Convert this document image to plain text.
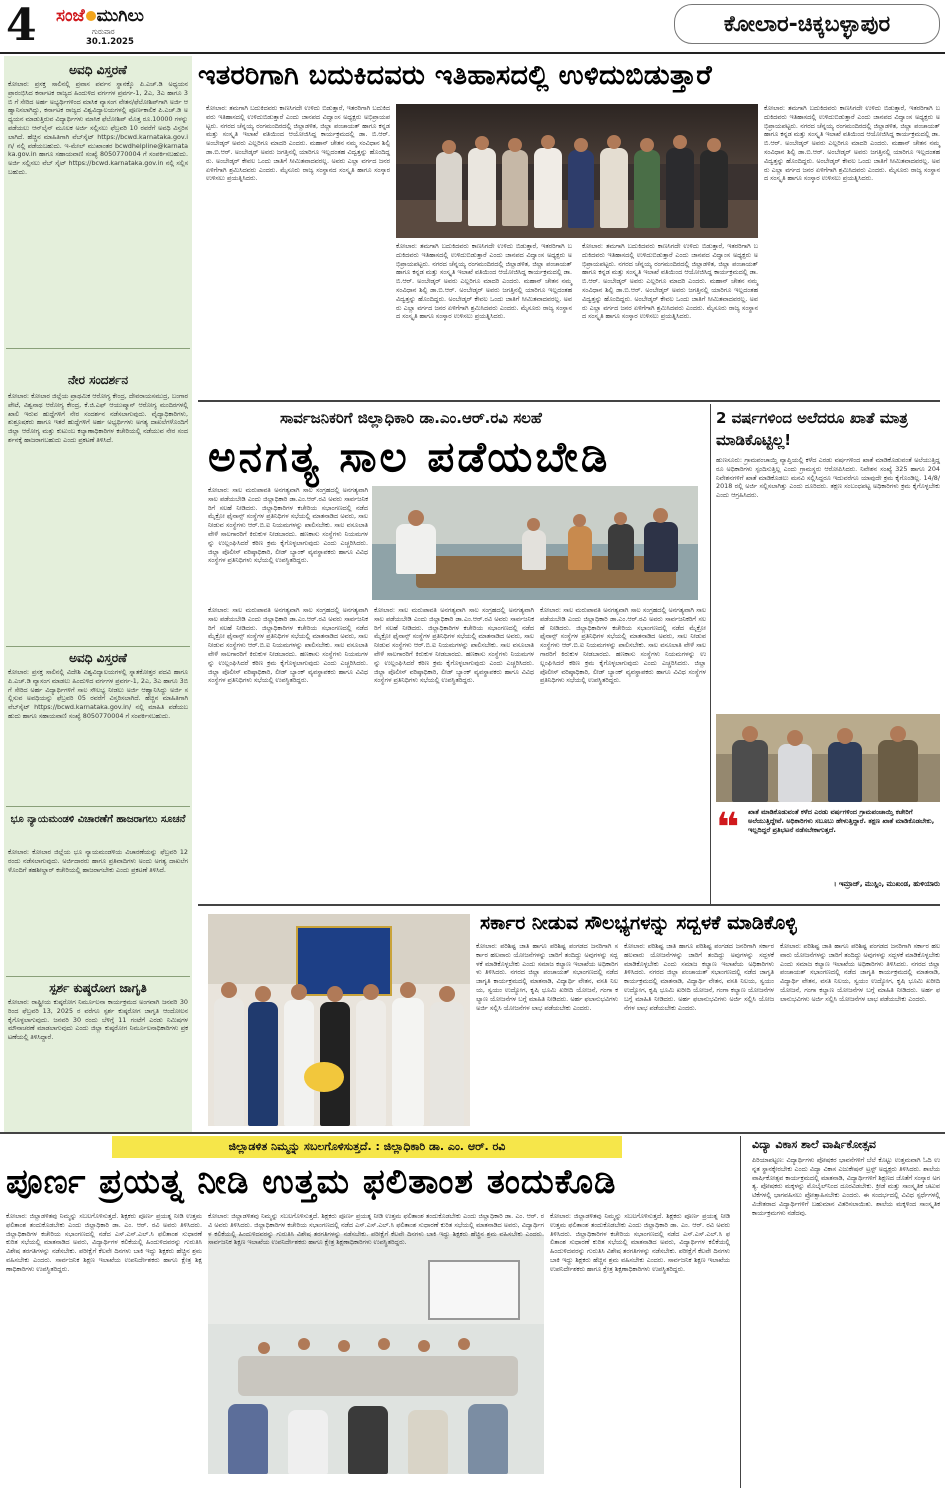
4 ಸಂಜೆ ಮುಗಿಲು
ಗುರುವಾರ
30.1.2025
ಕೋಲಾರ-ಚಿಕ್ಕಬಳ್ಳಾಪುರ
ಅವಧಿ ವಿಸ್ತರಣೆ
ಕೋಲಾರ: ಪ್ರಸಕ್ತ ಸಾಲಿನಲ್ಲಿ ಪ್ರವಾಸ ಪರ್ವನ ಸ್ಥಾನಕ್ಕೊ ಪಿ.ಎಚ್.ಡಿ ಅಧ್ಯಯನ ಪ್ರಾರಂಭಿಸಿದ ಕರ್ನಾಟಕ ರಾಜ್ಯದ ಹಿಂದುಳಿದ ವರ್ಗಗಳ ಪ್ರವರ್ಗ-1, 2ಎ, 3ಎ ಹಾಗೂ 3ಬಿ ಗೆ ಸೇರಿದ ಅರ್ಹ ಅಭ್ಯರ್ಥಿಗಳಿಂದ ಮಾಸಿಕ ವ್ಯಾಸಂಗ ವೇತನ/ಫೆಲೋಶಿಪ್‌ಗಾಗಿ ಅರ್ಜಿ ಆಹ್ವಾನಿಸಲಾಗಿದ್ದು, ಕರ್ನಾಟಕ ರಾಜ್ಯದ ವಿಶ್ವವಿದ್ಯಾಲಯಗಳಲ್ಲಿ ಪೂರ್ಣಕಾಲಿಕ ಪಿ.ಎಚ್.ಡಿ ಅಧ್ಯಯನ ಮಾಡುತ್ತಿರುವ ವಿದ್ಯಾರ್ಥಿಗಳು ಮಾಸಿಕ ಫೆಲೋಶಿಪ್ ಮೊತ್ತ ರೂ.10000 ಗಳನ್ನು ಪಡೆಯಲು ಆನ್‌ಲೈನ್ ಮೂಲಕ ಅರ್ಜಿ ಸಲ್ಲಿಸಲು ಫೆಬ್ರವರಿ 10 ರವರೆಗೆ ಅವಧಿ ವಿಸ್ತರಿಸಲಾಗಿದೆ. ಹೆಚ್ಚಿನ ಮಾಹಿತಿಗಾಗಿ ವೆಬ್‌ಸೈಟ್ https://bcwd.karnataka.gov.in/ ನಲ್ಲಿ ಪಡೆಯಬಹುದು. ಇ-ಮೇಲ್ ಮುಖಾಂತರ bcwdhelpline@karnataka.gov.in ಹಾಗೂ ಸಹಾಯವಾಣಿ ಸಂಖ್ಯೆ 8050770004 ಗೆ ಸಂಪರ್ಕಿಸಬಹುದು. ಅರ್ಜಿ ಸಲ್ಲಿಸಲು ವೆಬ್ ಸೈಟ್ https://bcwd.karnataka.gov.in ನಲ್ಲಿ ಸಲ್ಲಿಸಬಹುದು.
ನೇರ ಸಂದರ್ಶನ
ಕೋಲಾರ: ಕೋಲಾರ ಜಿಲ್ಲೆಯ ಪ್ರಾಥಮಿಕ ಆರೋಗ್ಯ ಕೇಂದ್ರ, ದೇವರಾಯಸಮುದ್ರ, ಬಂಗಾರಪೇಟೆ, ವಿಶ್ವನಾಥ ಆರೋಗ್ಯ ಕೇಂದ್ರ, ಕೆ.ಜಿ.ಎಫ್ ಆಯುಷ್ಮಾನ್ ಆರೋಗ್ಯ ಮಂದಿರಗಳಲ್ಲಿ ಖಾಲಿ ಇರುವ ಹುದ್ದೆಗಳಿಗೆ ನೇರ ಸಂದರ್ಶನ ನಡೆಸಲಾಗುವುದು. ವೈದ್ಯಾಧಿಕಾರಿಗಳು, ಶುಶ್ರೂಷಕರು ಹಾಗೂ ಇತರೆ ಹುದ್ದೆಗಳಿಗೆ ಅರ್ಹ ಅಭ್ಯರ್ಥಿಗಳು ಅಗತ್ಯ ದಾಖಲೆಗಳೊಂದಿಗೆ ಜಿಲ್ಲಾ ಆರೋಗ್ಯ ಮತ್ತು ಕುಟುಂಬ ಕಲ್ಯಾಣಾಧಿಕಾರಿಗಳ ಕಚೇರಿಯಲ್ಲಿ ನಡೆಯುವ ನೇರ ಸಂದರ್ಶನಕ್ಕೆ ಹಾಜರಾಗಬಹುದು ಎಂದು ಪ್ರಕಟಣೆ ತಿಳಿಸಿದೆ.
ಅವಧಿ ವಿಸ್ತರಣೆ
ಕೋಲಾರ: ಪ್ರಸಕ್ತ ಸಾಲಿನಲ್ಲಿ ವಿದೇಶಿ ವಿಶ್ವವಿದ್ಯಾಲಯಗಳಲ್ಲಿ ಸ್ನಾತಕೋತ್ತರ ಪದವಿ ಹಾಗೂ ಪಿ.ಎಚ್.ಡಿ ವ್ಯಾಸಂಗ ಮಾಡಲು ಹಿಂದುಳಿದ ವರ್ಗಗಳ ಪ್ರವರ್ಗ-1, 2ಎ, 3ಎ ಹಾಗೂ 3ಬಿ ಗೆ ಸೇರಿದ ಅರ್ಹ ವಿದ್ಯಾರ್ಥಿಗಳಿಗೆ ಸಾಲ ಸೌಲಭ್ಯ ನೀಡಲು ಅರ್ಜಿ ಆಹ್ವಾನಿಸಿದ್ದು ಅರ್ಜಿ ಸಲ್ಲಿಸುವ ಅವಧಿಯನ್ನು ಫೆಬ್ರವರಿ 05 ರವರೆಗೆ ವಿಸ್ತರಿಸಲಾಗಿದೆ. ಹೆಚ್ಚಿನ ಮಾಹಿತಿಗಾಗಿ ವೆಬ್‌ಸೈಟ್ https://bcwd.karnataka.gov.in/ ನಲ್ಲಿ ಮಾಹಿತಿ ಪಡೆಯಬಹುದು ಹಾಗೂ ಸಹಾಯವಾಣಿ ಸಂಖ್ಯೆ 8050770004 ಗೆ ಸಂಪರ್ಕಿಸಬಹುದು.
ಭೂ ನ್ಯಾಯಮಂಡಳಿ ವಿಚಾರಣೆಗೆ ಹಾಜರಾಗಲು ಸೂಚನೆ
ಕೋಲಾರ: ಕೋಲಾರ ಜಿಲ್ಲೆಯ ಭೂ ನ್ಯಾಯಮಂಡಳಿಯ ವಿಚಾರಣೆಯನ್ನು ಫೆಬ್ರವರಿ 12 ರಂದು ನಡೆಸಲಾಗುವುದು. ಅರ್ಜಿದಾರರು ಹಾಗೂ ಪ್ರತಿವಾದಿಗಳು ಅಂದು ಅಗತ್ಯ ದಾಖಲೆಗಳೊಂದಿಗೆ ತಹಶೀಲ್ದಾರ್ ಕಚೇರಿಯಲ್ಲಿ ಹಾಜರಾಗಬೇಕು ಎಂದು ಪ್ರಕಟಣೆ ತಿಳಿಸಿದೆ.
ಸ್ಪರ್ಶ ಕುಷ್ಠರೋಗ ಜಾಗೃತಿ
ಕೋಲಾರ: ರಾಷ್ಟ್ರೀಯ ಕುಷ್ಠರೋಗ ನಿರ್ಮೂಲನಾ ಕಾರ್ಯಕ್ರಮದ ಅಂಗವಾಗಿ ಜನವರಿ 30 ರಿಂದ ಫೆಬ್ರವರಿ 13, 2025 ರ ವರೆಗೂ ಸ್ಪರ್ಶ ಕುಷ್ಠರೋಗ ಜಾಗೃತಿ ಆಂದೋಲನ ಕೈಗೊಳ್ಳಲಾಗುವುದು. ಜನವರಿ 30 ರಂದು ಬೆಳಿಗ್ಗೆ 11 ಗಂಟೆಗೆ ಎರಡು ನಿಮಿಷಗಳ ಮೌನಾಚರಣೆ ಮಾಡಲಾಗುವುದು ಎಂದು ಜಿಲ್ಲಾ ಕುಷ್ಠರೋಗ ನಿರ್ಮೂಲನಾಧಿಕಾರಿಗಳು ಪ್ರಕಟಣೆಯಲ್ಲಿ ತಿಳಿಸಿದ್ದಾರೆ.
ಇತರರಿಗಾಗಿ ಬದುಕಿದವರು ಇತಿಹಾಸದಲ್ಲಿ ಉಳಿದುಬಿಡುತ್ತಾರೆ
ಕೋಲಾರ: ತಮಗಾಗಿ ಬದುಕಿದವರು ಕಾಣಸಿಗದೇ ಉಳಿದು ಬಿಡುತ್ತಾರೆ, ಇತರರಿಗಾಗಿ ಬದುಕಿದವರು ಇತಿಹಾಸದಲ್ಲಿ ಉಳಿದುಬಿಡುತ್ತಾರೆ ಎಂದು ಜಾನಪದ ವಿದ್ವಾಂಸ ಅಧ್ಯಕ್ಷರು ಅಭಿಪ್ರಾಯಪಟ್ಟರು. ನಗರದ ಚೆನ್ನಯ್ಯ ರಂಗಮಂದಿರದಲ್ಲಿ ಜಿಲ್ಲಾಡಳಿತ, ಜಿಲ್ಲಾ ಪಂಚಾಯತ್ ಹಾಗೂ ಕನ್ನಡ ಮತ್ತು ಸಂಸ್ಕೃತಿ ಇಲಾಖೆ ವತಿಯಿಂದ ಆಯೋಜಿಸಿದ್ದ ಕಾರ್ಯಕ್ರಮದಲ್ಲಿ ಡಾ. ಬಿ.ಆರ್. ಅಂಬೇಡ್ಕರ್ ಅವರು ಎಲ್ಲರಿಗೂ ಮಾದರಿ ಎಂದರು. ಮಹಾನ್ ಚೇತನ ನಮ್ಮ ಸಂವಿಧಾನ ಶಿಲ್ಪಿ ಡಾ.ಬಿ.ಆರ್. ಅಂಬೇಡ್ಕರ್ ಅವರು ಜಗತ್ತಿನಲ್ಲಿ ಯಾರಿಗೂ ಇಲ್ಲದಂತಹ ವಿದ್ವತ್ತನ್ನು ಹೊಂದಿದ್ದರು. ಅಂಬೇಡ್ಕರ್ ಕೇವಲ ಒಂದು ಜಾತಿಗೆ ಸೀಮಿತವಾದವರಲ್ಲ. ಅವರು ಎಲ್ಲಾ ವರ್ಗದ ಜನರ ಏಳಿಗೆಗಾಗಿ ಶ್ರಮಿಸಿದವರು ಎಂದರು. ಮೈಸೂರು ರಾಜ್ಯ ಸಂಸ್ಥಾನದ ಸಂಸ್ಕೃತಿ ಹಾಗೂ ಸಂಸ್ಕಾರ ಉಳಿಸಲು ಪ್ರಯತ್ನಿಸಿದರು.
ಕೋಲಾರ: ತಮಗಾಗಿ ಬದುಕಿದವರು ಕಾಣಸಿಗದೇ ಉಳಿದು ಬಿಡುತ್ತಾರೆ, ಇತರರಿಗಾಗಿ ಬದುಕಿದವರು ಇತಿಹಾಸದಲ್ಲಿ ಉಳಿದುಬಿಡುತ್ತಾರೆ ಎಂದು ಜಾನಪದ ವಿದ್ವಾಂಸ ಅಧ್ಯಕ್ಷರು ಅಭಿಪ್ರಾಯಪಟ್ಟರು. ನಗರದ ಚೆನ್ನಯ್ಯ ರಂಗಮಂದಿರದಲ್ಲಿ ಜಿಲ್ಲಾಡಳಿತ, ಜಿಲ್ಲಾ ಪಂಚಾಯತ್ ಹಾಗೂ ಕನ್ನಡ ಮತ್ತು ಸಂಸ್ಕೃತಿ ಇಲಾಖೆ ವತಿಯಿಂದ ಆಯೋಜಿಸಿದ್ದ ಕಾರ್ಯಕ್ರಮದಲ್ಲಿ ಡಾ. ಬಿ.ಆರ್. ಅಂಬೇಡ್ಕರ್ ಅವರು ಎಲ್ಲರಿಗೂ ಮಾದರಿ ಎಂದರು. ಮಹಾನ್ ಚೇತನ ನಮ್ಮ ಸಂವಿಧಾನ ಶಿಲ್ಪಿ ಡಾ.ಬಿ.ಆರ್. ಅಂಬೇಡ್ಕರ್ ಅವರು ಜಗತ್ತಿನಲ್ಲಿ ಯಾರಿಗೂ ಇಲ್ಲದಂತಹ ವಿದ್ವತ್ತನ್ನು ಹೊಂದಿದ್ದರು. ಅಂಬೇಡ್ಕರ್ ಕೇವಲ ಒಂದು ಜಾತಿಗೆ ಸೀಮಿತವಾದವರಲ್ಲ. ಅವರು ಎಲ್ಲಾ ವರ್ಗದ ಜನರ ಏಳಿಗೆಗಾಗಿ ಶ್ರಮಿಸಿದವರು ಎಂದರು. ಮೈಸೂರು ರಾಜ್ಯ ಸಂಸ್ಥಾನದ ಸಂಸ್ಕೃತಿ ಹಾಗೂ ಸಂಸ್ಕಾರ ಉಳಿಸಲು ಪ್ರಯತ್ನಿಸಿದರು.
ಕೋಲಾರ: ತಮಗಾಗಿ ಬದುಕಿದವರು ಕಾಣಸಿಗದೇ ಉಳಿದು ಬಿಡುತ್ತಾರೆ, ಇತರರಿಗಾಗಿ ಬದುಕಿದವರು ಇತಿಹಾಸದಲ್ಲಿ ಉಳಿದುಬಿಡುತ್ತಾರೆ ಎಂದು ಜಾನಪದ ವಿದ್ವಾಂಸ ಅಧ್ಯಕ್ಷರು ಅಭಿಪ್ರಾಯಪಟ್ಟರು. ನಗರದ ಚೆನ್ನಯ್ಯ ರಂಗಮಂದಿರದಲ್ಲಿ ಜಿಲ್ಲಾಡಳಿತ, ಜಿಲ್ಲಾ ಪಂಚಾಯತ್ ಹಾಗೂ ಕನ್ನಡ ಮತ್ತು ಸಂಸ್ಕೃತಿ ಇಲಾಖೆ ವತಿಯಿಂದ ಆಯೋಜಿಸಿದ್ದ ಕಾರ್ಯಕ್ರಮದಲ್ಲಿ ಡಾ. ಬಿ.ಆರ್. ಅಂಬೇಡ್ಕರ್ ಅವರು ಎಲ್ಲರಿಗೂ ಮಾದರಿ ಎಂದರು. ಮಹಾನ್ ಚೇತನ ನಮ್ಮ ಸಂವಿಧಾನ ಶಿಲ್ಪಿ ಡಾ.ಬಿ.ಆರ್. ಅಂಬೇಡ್ಕರ್ ಅವರು ಜಗತ್ತಿನಲ್ಲಿ ಯಾರಿಗೂ ಇಲ್ಲದಂತಹ ವಿದ್ವತ್ತನ್ನು ಹೊಂದಿದ್ದರು. ಅಂಬೇಡ್ಕರ್ ಕೇವಲ ಒಂದು ಜಾತಿಗೆ ಸೀಮಿತವಾದವರಲ್ಲ. ಅವರು ಎಲ್ಲಾ ವರ್ಗದ ಜನರ ಏಳಿಗೆಗಾಗಿ ಶ್ರಮಿಸಿದವರು ಎಂದರು. ಮೈಸೂರು ರಾಜ್ಯ ಸಂಸ್ಥಾನದ ಸಂಸ್ಕೃತಿ ಹಾಗೂ ಸಂಸ್ಕಾರ ಉಳಿಸಲು ಪ್ರಯತ್ನಿಸಿದರು.
ಕೋಲಾರ: ತಮಗಾಗಿ ಬದುಕಿದವರು ಕಾಣಸಿಗದೇ ಉಳಿದು ಬಿಡುತ್ತಾರೆ, ಇತರರಿಗಾಗಿ ಬದುಕಿದವರು ಇತಿಹಾಸದಲ್ಲಿ ಉಳಿದುಬಿಡುತ್ತಾರೆ ಎಂದು ಜಾನಪದ ವಿದ್ವಾಂಸ ಅಧ್ಯಕ್ಷರು ಅಭಿಪ್ರಾಯಪಟ್ಟರು. ನಗರದ ಚೆನ್ನಯ್ಯ ರಂಗಮಂದಿರದಲ್ಲಿ ಜಿಲ್ಲಾಡಳಿತ, ಜಿಲ್ಲಾ ಪಂಚಾಯತ್ ಹಾಗೂ ಕನ್ನಡ ಮತ್ತು ಸಂಸ್ಕೃತಿ ಇಲಾಖೆ ವತಿಯಿಂದ ಆಯೋಜಿಸಿದ್ದ ಕಾರ್ಯಕ್ರಮದಲ್ಲಿ ಡಾ. ಬಿ.ಆರ್. ಅಂಬೇಡ್ಕರ್ ಅವರು ಎಲ್ಲರಿಗೂ ಮಾದರಿ ಎಂದರು. ಮಹಾನ್ ಚೇತನ ನಮ್ಮ ಸಂವಿಧಾನ ಶಿಲ್ಪಿ ಡಾ.ಬಿ.ಆರ್. ಅಂಬೇಡ್ಕರ್ ಅವರು ಜಗತ್ತಿನಲ್ಲಿ ಯಾರಿಗೂ ಇಲ್ಲದಂತಹ ವಿದ್ವತ್ತನ್ನು ಹೊಂದಿದ್ದರು. ಅಂಬೇಡ್ಕರ್ ಕೇವಲ ಒಂದು ಜಾತಿಗೆ ಸೀಮಿತವಾದವರಲ್ಲ. ಅವರು ಎಲ್ಲಾ ವರ್ಗದ ಜನರ ಏಳಿಗೆಗಾಗಿ ಶ್ರಮಿಸಿದವರು ಎಂದರು. ಮೈಸೂರು ರಾಜ್ಯ ಸಂಸ್ಥಾನದ ಸಂಸ್ಕೃತಿ ಹಾಗೂ ಸಂಸ್ಕಾರ ಉಳಿಸಲು ಪ್ರಯತ್ನಿಸಿದರು.
ಸಾರ್ವಜನಿಕರಿಗೆ ಜಿಲ್ಲಾಧಿಕಾರಿ ಡಾ.ಎಂ.ಆರ್.ರವಿ ಸಲಹೆ
ಅನಗತ್ಯ ಸಾಲ ಪಡೆಯಬೇಡಿ
ಕೋಲಾರ: ಸಾಲ ಮರುಪಾವತಿ ಅನಗತ್ಯವಾಗಿ ಸಾಲ ಸಂಗ್ರಹದಲ್ಲಿ ಅನಗತ್ಯವಾಗಿ ಸಾಲ ಪಡೆಯಬೇಡಿ ಎಂದು ಜಿಲ್ಲಾಧಿಕಾರಿ ಡಾ.ಎಂ.ಆರ್.ರವಿ ಅವರು ಸಾರ್ವಜನಿಕರಿಗೆ ಸಲಹೆ ನೀಡಿದರು. ಜಿಲ್ಲಾಧಿಕಾರಿಗಳ ಕಚೇರಿಯ ಸಭಾಂಗಣದಲ್ಲಿ ನಡೆದ ಮೈಕ್ರೋ ಫೈನಾನ್ಸ್ ಸಂಸ್ಥೆಗಳ ಪ್ರತಿನಿಧಿಗಳ ಸಭೆಯಲ್ಲಿ ಮಾತನಾಡಿದ ಅವರು, ಸಾಲ ನೀಡುವ ಸಂಸ್ಥೆಗಳು ಆರ್.ಬಿ.ಐ ನಿಯಮಗಳನ್ನು ಪಾಲಿಸಬೇಕು. ಸಾಲ ವಸೂಲಾತಿ ವೇಳೆ ಸಾಲಗಾರರಿಗೆ ಕಿರುಕುಳ ನೀಡಬಾರದು. ಹಣಕಾಸು ಸಂಸ್ಥೆಗಳು ನಿಯಮಗಳನ್ನು ಉಲ್ಲಂಘಿಸಿದರೆ ಕಠಿಣ ಕ್ರಮ ಕೈಗೊಳ್ಳಲಾಗುವುದು ಎಂದು ಎಚ್ಚರಿಸಿದರು. ಜಿಲ್ಲಾ ಪೊಲೀಸ್ ವರಿಷ್ಠಾಧಿಕಾರಿ, ಲೀಡ್ ಬ್ಯಾಂಕ್ ವ್ಯವಸ್ಥಾಪಕರು ಹಾಗೂ ವಿವಿಧ ಸಂಸ್ಥೆಗಳ ಪ್ರತಿನಿಧಿಗಳು ಸಭೆಯಲ್ಲಿ ಉಪಸ್ಥಿತರಿದ್ದರು.
ಕೋಲಾರ: ಸಾಲ ಮರುಪಾವತಿ ಅನಗತ್ಯವಾಗಿ ಸಾಲ ಸಂಗ್ರಹದಲ್ಲಿ ಅನಗತ್ಯವಾಗಿ ಸಾಲ ಪಡೆಯಬೇಡಿ ಎಂದು ಜಿಲ್ಲಾಧಿಕಾರಿ ಡಾ.ಎಂ.ಆರ್.ರವಿ ಅವರು ಸಾರ್ವಜನಿಕರಿಗೆ ಸಲಹೆ ನೀಡಿದರು. ಜಿಲ್ಲಾಧಿಕಾರಿಗಳ ಕಚೇರಿಯ ಸಭಾಂಗಣದಲ್ಲಿ ನಡೆದ ಮೈಕ್ರೋ ಫೈನಾನ್ಸ್ ಸಂಸ್ಥೆಗಳ ಪ್ರತಿನಿಧಿಗಳ ಸಭೆಯಲ್ಲಿ ಮಾತನಾಡಿದ ಅವರು, ಸಾಲ ನೀಡುವ ಸಂಸ್ಥೆಗಳು ಆರ್.ಬಿ.ಐ ನಿಯಮಗಳನ್ನು ಪಾಲಿಸಬೇಕು. ಸಾಲ ವಸೂಲಾತಿ ವೇಳೆ ಸಾಲಗಾರರಿಗೆ ಕಿರುಕುಳ ನೀಡಬಾರದು. ಹಣಕಾಸು ಸಂಸ್ಥೆಗಳು ನಿಯಮಗಳನ್ನು ಉಲ್ಲಂಘಿಸಿದರೆ ಕಠಿಣ ಕ್ರಮ ಕೈಗೊಳ್ಳಲಾಗುವುದು ಎಂದು ಎಚ್ಚರಿಸಿದರು. ಜಿಲ್ಲಾ ಪೊಲೀಸ್ ವರಿಷ್ಠಾಧಿಕಾರಿ, ಲೀಡ್ ಬ್ಯಾಂಕ್ ವ್ಯವಸ್ಥಾಪಕರು ಹಾಗೂ ವಿವಿಧ ಸಂಸ್ಥೆಗಳ ಪ್ರತಿನಿಧಿಗಳು ಸಭೆಯಲ್ಲಿ ಉಪಸ್ಥಿತರಿದ್ದರು.
ಕೋಲಾರ: ಸಾಲ ಮರುಪಾವತಿ ಅನಗತ್ಯವಾಗಿ ಸಾಲ ಸಂಗ್ರಹದಲ್ಲಿ ಅನಗತ್ಯವಾಗಿ ಸಾಲ ಪಡೆಯಬೇಡಿ ಎಂದು ಜಿಲ್ಲಾಧಿಕಾರಿ ಡಾ.ಎಂ.ಆರ್.ರವಿ ಅವರು ಸಾರ್ವಜನಿಕರಿಗೆ ಸಲಹೆ ನೀಡಿದರು. ಜಿಲ್ಲಾಧಿಕಾರಿಗಳ ಕಚೇರಿಯ ಸಭಾಂಗಣದಲ್ಲಿ ನಡೆದ ಮೈಕ್ರೋ ಫೈನಾನ್ಸ್ ಸಂಸ್ಥೆಗಳ ಪ್ರತಿನಿಧಿಗಳ ಸಭೆಯಲ್ಲಿ ಮಾತನಾಡಿದ ಅವರು, ಸಾಲ ನೀಡುವ ಸಂಸ್ಥೆಗಳು ಆರ್.ಬಿ.ಐ ನಿಯಮಗಳನ್ನು ಪಾಲಿಸಬೇಕು. ಸಾಲ ವಸೂಲಾತಿ ವೇಳೆ ಸಾಲಗಾರರಿಗೆ ಕಿರುಕುಳ ನೀಡಬಾರದು. ಹಣಕಾಸು ಸಂಸ್ಥೆಗಳು ನಿಯಮಗಳನ್ನು ಉಲ್ಲಂಘಿಸಿದರೆ ಕಠಿಣ ಕ್ರಮ ಕೈಗೊಳ್ಳಲಾಗುವುದು ಎಂದು ಎಚ್ಚರಿಸಿದರು. ಜಿಲ್ಲಾ ಪೊಲೀಸ್ ವರಿಷ್ಠಾಧಿಕಾರಿ, ಲೀಡ್ ಬ್ಯಾಂಕ್ ವ್ಯವಸ್ಥಾಪಕರು ಹಾಗೂ ವಿವಿಧ ಸಂಸ್ಥೆಗಳ ಪ್ರತಿನಿಧಿಗಳು ಸಭೆಯಲ್ಲಿ ಉಪಸ್ಥಿತರಿದ್ದರು.
ಕೋಲಾರ: ಸಾಲ ಮರುಪಾವತಿ ಅನಗತ್ಯವಾಗಿ ಸಾಲ ಸಂಗ್ರಹದಲ್ಲಿ ಅನಗತ್ಯವಾಗಿ ಸಾಲ ಪಡೆಯಬೇಡಿ ಎಂದು ಜಿಲ್ಲಾಧಿಕಾರಿ ಡಾ.ಎಂ.ಆರ್.ರವಿ ಅವರು ಸಾರ್ವಜನಿಕರಿಗೆ ಸಲಹೆ ನೀಡಿದರು. ಜಿಲ್ಲಾಧಿಕಾರಿಗಳ ಕಚೇರಿಯ ಸಭಾಂಗಣದಲ್ಲಿ ನಡೆದ ಮೈಕ್ರೋ ಫೈನಾನ್ಸ್ ಸಂಸ್ಥೆಗಳ ಪ್ರತಿನಿಧಿಗಳ ಸಭೆಯಲ್ಲಿ ಮಾತನಾಡಿದ ಅವರು, ಸಾಲ ನೀಡುವ ಸಂಸ್ಥೆಗಳು ಆರ್.ಬಿ.ಐ ನಿಯಮಗಳನ್ನು ಪಾಲಿಸಬೇಕು. ಸಾಲ ವಸೂಲಾತಿ ವೇಳೆ ಸಾಲಗಾರರಿಗೆ ಕಿರುಕುಳ ನೀಡಬಾರದು. ಹಣಕಾಸು ಸಂಸ್ಥೆಗಳು ನಿಯಮಗಳನ್ನು ಉಲ್ಲಂಘಿಸಿದರೆ ಕಠಿಣ ಕ್ರಮ ಕೈಗೊಳ್ಳಲಾಗುವುದು ಎಂದು ಎಚ್ಚರಿಸಿದರು. ಜಿಲ್ಲಾ ಪೊಲೀಸ್ ವರಿಷ್ಠಾಧಿಕಾರಿ, ಲೀಡ್ ಬ್ಯಾಂಕ್ ವ್ಯವಸ್ಥಾಪಕರು ಹಾಗೂ ವಿವಿಧ ಸಂಸ್ಥೆಗಳ ಪ್ರತಿನಿಧಿಗಳು ಸಭೆಯಲ್ಲಿ ಉಪಸ್ಥಿತರಿದ್ದರು.
2 ವರ್ಷಗಳಿಂದ ಅಲೆದರೂ ಖಾತೆ ಮಾತ್ರ ಮಾಡಿಕೊಟ್ಟಿಲ್ಲ!
ಹುಣಸೂರು: ಗ್ರಾಮಪಂಚಾಯ್ತಿ ವ್ಯಾಪ್ತಿಯಲ್ಲಿ ಕಳೆದ ಎರಡು ವರ್ಷಗಳಿಂದ ಖಾತೆ ಮಾಡಿಕೊಡುವಂತೆ ಅಲೆಯುತ್ತಿದ್ದರೂ ಅಧಿಕಾರಿಗಳು ಸ್ಪಂದಿಸುತ್ತಿಲ್ಲ ಎಂದು ಗ್ರಾಮಸ್ಥರು ಆರೋಪಿಸಿದರು. ನಿವೇಶನ ಸಂಖ್ಯೆ 325 ಹಾಗೂ 204 ನಿವೇಶನಗಳಿಗೆ ಖಾತೆ ಮಾಡಿಕೊಡಲು ಮನವಿ ಸಲ್ಲಿಸಿದ್ದರೂ ಇದುವರೆಗೂ ಯಾವುದೇ ಕ್ರಮ ಕೈಗೊಂಡಿಲ್ಲ. 14/8/2018 ರಲ್ಲಿ ಅರ್ಜಿ ಸಲ್ಲಿಸಲಾಗಿತ್ತು ಎಂದು ದೂರಿದರು. ತಕ್ಷಣ ಸಂಬಂಧಪಟ್ಟ ಅಧಿಕಾರಿಗಳು ಕ್ರಮ ಕೈಗೊಳ್ಳಬೇಕು ಎಂದು ಆಗ್ರಹಿಸಿದರು.
❝ ಖಾತೆ ಮಾಡಿಕೊಡುವಂತೆ ಕಳೆದ ಎರಡು ವರ್ಷಗಳಿಂದ ಗ್ರಾಮಪಂಚಾಯ್ತಿ ಕಚೇರಿಗೆ ಅಲೆಯುತ್ತಿದ್ದೇವೆ. ಅಧಿಕಾರಿಗಳು ಸಬೂಬು ಹೇಳುತ್ತಿದ್ದಾರೆ. ತಕ್ಷಣ ಖಾತೆ ಮಾಡಿಕೊಡಬೇಕು, ಇಲ್ಲದಿದ್ದರೆ ಪ್ರತಿಭಟನೆ ನಡೆಸಬೇಕಾಗುತ್ತದೆ.
। ಇಮ್ರಾಜ್, ಮುಸ್ಲಿಂ, ಮುಖಂಡ, ಹುಳಿಯಾರು
ಸರ್ಕಾರ ನೀಡುವ ಸೌಲಭ್ಯಗಳನ್ನು ಸದ್ಬಳಕೆ ಮಾಡಿಕೊಳ್ಳಿ
ಕೋಲಾರ: ಪರಿಶಿಷ್ಟ ಜಾತಿ ಹಾಗೂ ಪರಿಶಿಷ್ಟ ಪಂಗಡದ ಜನರಿಗಾಗಿ ಸರ್ಕಾರ ಹಲವಾರು ಯೋಜನೆಗಳನ್ನು ಜಾರಿಗೆ ತಂದಿದ್ದು ಅವುಗಳನ್ನು ಸದ್ಬಳಕೆ ಮಾಡಿಕೊಳ್ಳಬೇಕು ಎಂದು ಸಮಾಜ ಕಲ್ಯಾಣ ಇಲಾಖೆಯ ಅಧಿಕಾರಿಗಳು ತಿಳಿಸಿದರು. ನಗರದ ಜಿಲ್ಲಾ ಪಂಚಾಯತ್ ಸಭಾಂಗಣದಲ್ಲಿ ನಡೆದ ಜಾಗೃತಿ ಕಾರ್ಯಕ್ರಮದಲ್ಲಿ ಮಾತನಾಡಿ, ವಿದ್ಯಾರ್ಥಿ ವೇತನ, ವಸತಿ ನಿಲಯ, ಸ್ವಯಂ ಉದ್ಯೋಗ, ಕೃಷಿ ಭೂಮಿ ಖರೀದಿ ಯೋಜನೆ, ಗಂಗಾ ಕಲ್ಯಾಣ ಯೋಜನೆಗಳ ಬಗ್ಗೆ ಮಾಹಿತಿ ನೀಡಿದರು. ಅರ್ಹ ಫಲಾನುಭವಿಗಳು ಅರ್ಜಿ ಸಲ್ಲಿಸಿ ಯೋಜನೆಗಳ ಲಾಭ ಪಡೆಯಬೇಕು ಎಂದರು.
ಕೋಲಾರ: ಪರಿಶಿಷ್ಟ ಜಾತಿ ಹಾಗೂ ಪರಿಶಿಷ್ಟ ಪಂಗಡದ ಜನರಿಗಾಗಿ ಸರ್ಕಾರ ಹಲವಾರು ಯೋಜನೆಗಳನ್ನು ಜಾರಿಗೆ ತಂದಿದ್ದು ಅವುಗಳನ್ನು ಸದ್ಬಳಕೆ ಮಾಡಿಕೊಳ್ಳಬೇಕು ಎಂದು ಸಮಾಜ ಕಲ್ಯಾಣ ಇಲಾಖೆಯ ಅಧಿಕಾರಿಗಳು ತಿಳಿಸಿದರು. ನಗರದ ಜಿಲ್ಲಾ ಪಂಚಾಯತ್ ಸಭಾಂಗಣದಲ್ಲಿ ನಡೆದ ಜಾಗೃತಿ ಕಾರ್ಯಕ್ರಮದಲ್ಲಿ ಮಾತನಾಡಿ, ವಿದ್ಯಾರ್ಥಿ ವೇತನ, ವಸತಿ ನಿಲಯ, ಸ್ವಯಂ ಉದ್ಯೋಗ, ಕೃಷಿ ಭೂಮಿ ಖರೀದಿ ಯೋಜನೆ, ಗಂಗಾ ಕಲ್ಯಾಣ ಯೋಜನೆಗಳ ಬಗ್ಗೆ ಮಾಹಿತಿ ನೀಡಿದರು. ಅರ್ಹ ಫಲಾನುಭವಿಗಳು ಅರ್ಜಿ ಸಲ್ಲಿಸಿ ಯೋಜನೆಗಳ ಲಾಭ ಪಡೆಯಬೇಕು ಎಂದರು.
ಕೋಲಾರ: ಪರಿಶಿಷ್ಟ ಜಾತಿ ಹಾಗೂ ಪರಿಶಿಷ್ಟ ಪಂಗಡದ ಜನರಿಗಾಗಿ ಸರ್ಕಾರ ಹಲವಾರು ಯೋಜನೆಗಳನ್ನು ಜಾರಿಗೆ ತಂದಿದ್ದು ಅವುಗಳನ್ನು ಸದ್ಬಳಕೆ ಮಾಡಿಕೊಳ್ಳಬೇಕು ಎಂದು ಸಮಾಜ ಕಲ್ಯಾಣ ಇಲಾಖೆಯ ಅಧಿಕಾರಿಗಳು ತಿಳಿಸಿದರು. ನಗರದ ಜಿಲ್ಲಾ ಪಂಚಾಯತ್ ಸಭಾಂಗಣದಲ್ಲಿ ನಡೆದ ಜಾಗೃತಿ ಕಾರ್ಯಕ್ರಮದಲ್ಲಿ ಮಾತನಾಡಿ, ವಿದ್ಯಾರ್ಥಿ ವೇತನ, ವಸತಿ ನಿಲಯ, ಸ್ವಯಂ ಉದ್ಯೋಗ, ಕೃಷಿ ಭೂಮಿ ಖರೀದಿ ಯೋಜನೆ, ಗಂಗಾ ಕಲ್ಯಾಣ ಯೋಜನೆಗಳ ಬಗ್ಗೆ ಮಾಹಿತಿ ನೀಡಿದರು. ಅರ್ಹ ಫಲಾನುಭವಿಗಳು ಅರ್ಜಿ ಸಲ್ಲಿಸಿ ಯೋಜನೆಗಳ ಲಾಭ ಪಡೆಯಬೇಕು ಎಂದರು.
ಜಿಲ್ಲಾಡಳಿತ ನಿಮ್ಮನ್ನು ಸಬಲಗೊಳಿಸುತ್ತದೆ. : ಜಿಲ್ಲಾಧಿಕಾರಿ ಡಾ. ಎಂ. ಆರ್. ರವಿ
ಪೂರ್ಣ ಪ್ರಯತ್ನ ನೀಡಿ ಉತ್ತಮ ಫಲಿತಾಂಶ ತಂದುಕೊಡಿ
ಕೋಲಾರ: ಜಿಲ್ಲಾಡಳಿತವು ನಿಮ್ಮನ್ನು ಸಬಲಗೊಳಿಸುತ್ತದೆ. ಶಿಕ್ಷಕರು ಪೂರ್ಣ ಪ್ರಯತ್ನ ನೀಡಿ ಉತ್ತಮ ಫಲಿತಾಂಶ ತಂದುಕೊಡಬೇಕು ಎಂದು ಜಿಲ್ಲಾಧಿಕಾರಿ ಡಾ. ಎಂ. ಆರ್. ರವಿ ಅವರು ತಿಳಿಸಿದರು. ಜಿಲ್ಲಾಧಿಕಾರಿಗಳ ಕಚೇರಿಯ ಸಭಾಂಗಣದಲ್ಲಿ ನಡೆದ ಎಸ್.ಎಸ್.ಎಲ್.ಸಿ ಫಲಿತಾಂಶ ಸುಧಾರಣೆ ಕುರಿತ ಸಭೆಯಲ್ಲಿ ಮಾತನಾಡಿದ ಅವರು, ವಿದ್ಯಾರ್ಥಿಗಳ ಕಲಿಕೆಯಲ್ಲಿ ಹಿಂದುಳಿದವರನ್ನು ಗುರುತಿಸಿ ವಿಶೇಷ ತರಗತಿಗಳನ್ನು ನಡೆಸಬೇಕು. ಪರೀಕ್ಷೆಗೆ ಕೆಲವೇ ದಿನಗಳು ಬಾಕಿ ಇದ್ದು ಶಿಕ್ಷಕರು ಹೆಚ್ಚಿನ ಶ್ರಮ ವಹಿಸಬೇಕು ಎಂದರು. ಸಾರ್ವಜನಿಕ ಶಿಕ್ಷಣ ಇಲಾಖೆಯ ಉಪನಿರ್ದೇಶಕರು ಹಾಗೂ ಕ್ಷೇತ್ರ ಶಿಕ್ಷಣಾಧಿಕಾರಿಗಳು ಉಪಸ್ಥಿತರಿದ್ದರು.
ಕೋಲಾರ: ಜಿಲ್ಲಾಡಳಿತವು ನಿಮ್ಮನ್ನು ಸಬಲಗೊಳಿಸುತ್ತದೆ. ಶಿಕ್ಷಕರು ಪೂರ್ಣ ಪ್ರಯತ್ನ ನೀಡಿ ಉತ್ತಮ ಫಲಿತಾಂಶ ತಂದುಕೊಡಬೇಕು ಎಂದು ಜಿಲ್ಲಾಧಿಕಾರಿ ಡಾ. ಎಂ. ಆರ್. ರವಿ ಅವರು ತಿಳಿಸಿದರು. ಜಿಲ್ಲಾಧಿಕಾರಿಗಳ ಕಚೇರಿಯ ಸಭಾಂಗಣದಲ್ಲಿ ನಡೆದ ಎಸ್.ಎಸ್.ಎಲ್.ಸಿ ಫಲಿತಾಂಶ ಸುಧಾರಣೆ ಕುರಿತ ಸಭೆಯಲ್ಲಿ ಮಾತನಾಡಿದ ಅವರು, ವಿದ್ಯಾರ್ಥಿಗಳ ಕಲಿಕೆಯಲ್ಲಿ ಹಿಂದುಳಿದವರನ್ನು ಗುರುತಿಸಿ ವಿಶೇಷ ತರಗತಿಗಳನ್ನು ನಡೆಸಬೇಕು. ಪರೀಕ್ಷೆಗೆ ಕೆಲವೇ ದಿನಗಳು ಬಾಕಿ ಇದ್ದು ಶಿಕ್ಷಕರು ಹೆಚ್ಚಿನ ಶ್ರಮ ವಹಿಸಬೇಕು ಎಂದರು. ಸಾರ್ವಜನಿಕ ಶಿಕ್ಷಣ ಇಲಾಖೆಯ ಉಪನಿರ್ದೇಶಕರು ಹಾಗೂ ಕ್ಷೇತ್ರ ಶಿಕ್ಷಣಾಧಿಕಾರಿಗಳು ಉಪಸ್ಥಿತರಿದ್ದರು.
ಕೋಲಾರ: ಜಿಲ್ಲಾಡಳಿತವು ನಿಮ್ಮನ್ನು ಸಬಲಗೊಳಿಸುತ್ತದೆ. ಶಿಕ್ಷಕರು ಪೂರ್ಣ ಪ್ರಯತ್ನ ನೀಡಿ ಉತ್ತಮ ಫಲಿತಾಂಶ ತಂದುಕೊಡಬೇಕು ಎಂದು ಜಿಲ್ಲಾಧಿಕಾರಿ ಡಾ. ಎಂ. ಆರ್. ರವಿ ಅವರು ತಿಳಿಸಿದರು. ಜಿಲ್ಲಾಧಿಕಾರಿಗಳ ಕಚೇರಿಯ ಸಭಾಂಗಣದಲ್ಲಿ ನಡೆದ ಎಸ್.ಎಸ್.ಎಲ್.ಸಿ ಫಲಿತಾಂಶ ಸುಧಾರಣೆ ಕುರಿತ ಸಭೆಯಲ್ಲಿ ಮಾತನಾಡಿದ ಅವರು, ವಿದ್ಯಾರ್ಥಿಗಳ ಕಲಿಕೆಯಲ್ಲಿ ಹಿಂದುಳಿದವರನ್ನು ಗುರುತಿಸಿ ವಿಶೇಷ ತರಗತಿಗಳನ್ನು ನಡೆಸಬೇಕು. ಪರೀಕ್ಷೆಗೆ ಕೆಲವೇ ದಿನಗಳು ಬಾಕಿ ಇದ್ದು ಶಿಕ್ಷಕರು ಹೆಚ್ಚಿನ ಶ್ರಮ ವಹಿಸಬೇಕು ಎಂದರು. ಸಾರ್ವಜನಿಕ ಶಿಕ್ಷಣ ಇಲಾಖೆಯ ಉಪನಿರ್ದೇಶಕರು ಹಾಗೂ ಕ್ಷೇತ್ರ ಶಿಕ್ಷಣಾಧಿಕಾರಿಗಳು ಉಪಸ್ಥಿತರಿದ್ದರು.
ವಿದ್ಯಾ ವಿಕಾಸ ಶಾಲೆ ವಾರ್ಷಿಕೋತ್ಸವ
ಪಿರಿಯಾಪಟ್ಟಣ: ವಿದ್ಯಾರ್ಥಿಗಳು ಪೋಷಕರ ಭಾವನೆಗಳಿಗೆ ಬೆಲೆ ಕೊಟ್ಟು ಉತ್ತಮವಾಗಿ ಓದಿ ಉನ್ನತ ಸ್ಥಾನಕ್ಕೇರಬೇಕು ಎಂದು ವಿದ್ಯಾ ವಿಕಾಸ ಎಜುಕೇಷನ್ ಟ್ರಸ್ಟ್ ಅಧ್ಯಕ್ಷರು ತಿಳಿಸಿದರು. ಶಾಲೆಯ ವಾರ್ಷಿಕೋತ್ಸವ ಕಾರ್ಯಕ್ರಮದಲ್ಲಿ ಮಾತನಾಡಿ, ವಿದ್ಯಾರ್ಥಿಗಳಿಗೆ ಶಿಕ್ಷಣದ ಜೊತೆಗೆ ಸಂಸ್ಕಾರ ಅಗತ್ಯ. ಪೋಷಕರು ಮಕ್ಕಳನ್ನು ಮೊಬೈಲ್‌ನಿಂದ ದೂರವಿಡಬೇಕು. ಕ್ರೀಡೆ ಮತ್ತು ಸಾಂಸ್ಕೃತಿಕ ಚಟುವಟಿಕೆಗಳಲ್ಲಿ ಭಾಗವಹಿಸಲು ಪ್ರೋತ್ಸಾಹಿಸಬೇಕು ಎಂದರು. ಈ ಸಂದರ್ಭದಲ್ಲಿ ವಿವಿಧ ಸ್ಪರ್ಧೆಗಳಲ್ಲಿ ವಿಜೇತರಾದ ವಿದ್ಯಾರ್ಥಿಗಳಿಗೆ ಬಹುಮಾನ ವಿತರಿಸಲಾಯಿತು. ಶಾಲೆಯ ಮಕ್ಕಳಿಂದ ಸಾಂಸ್ಕೃತಿಕ ಕಾರ್ಯಕ್ರಮಗಳು ನಡೆದವು.
